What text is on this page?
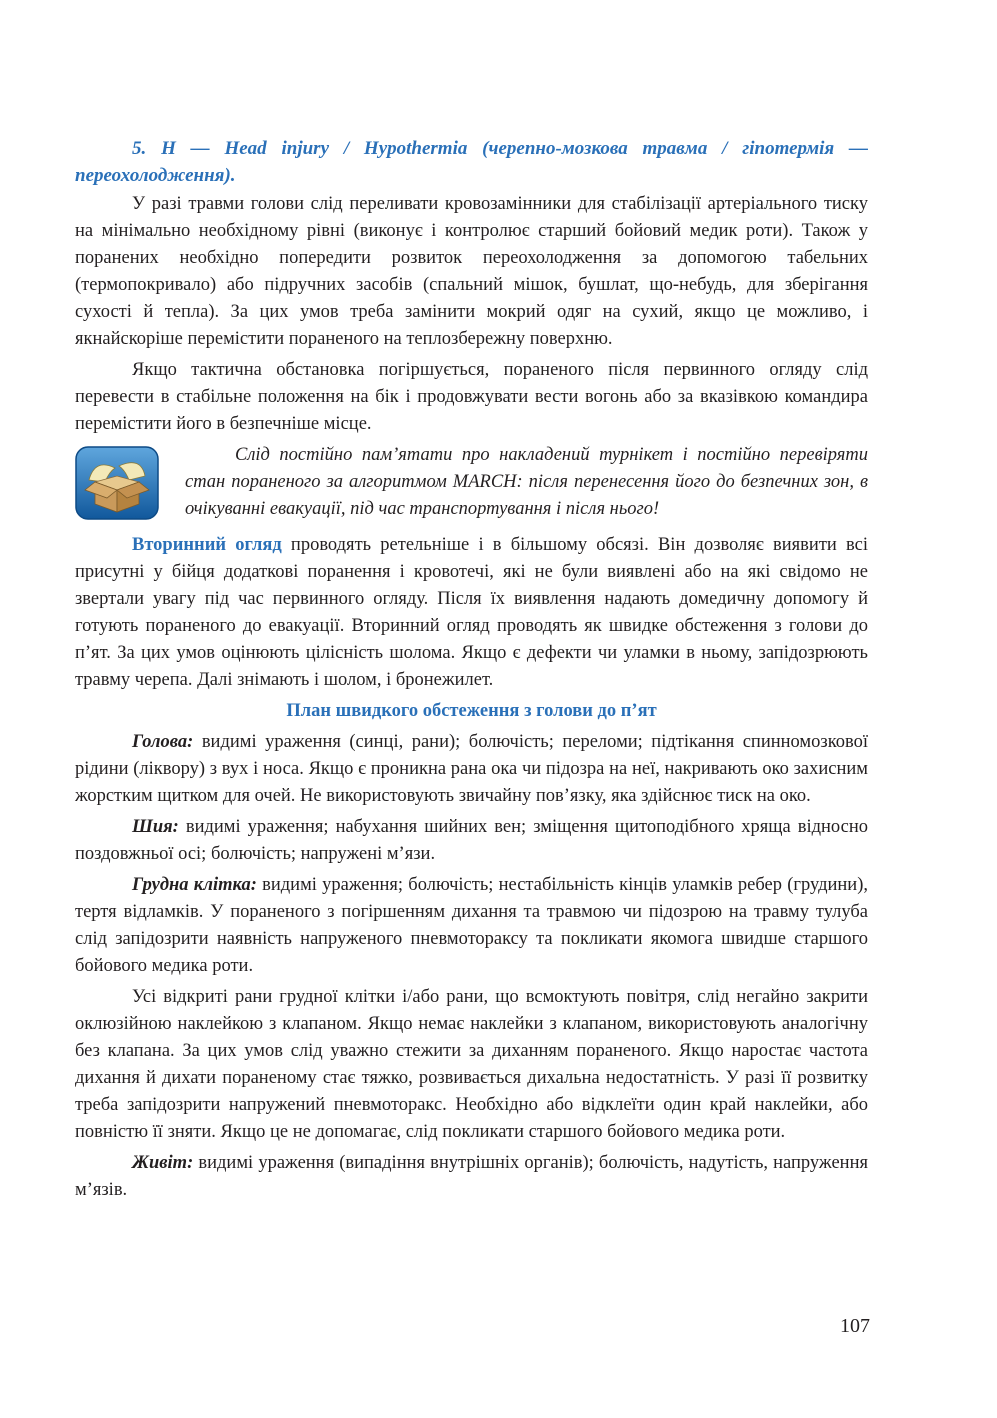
5. H — Head injury / Hypothermia (черепно-мозкова травма / гіпотермія — переохолодження).

У разі травми голови слід переливати кровозамінники для стабілізації артеріального тиску на мінімально необхідному рівні (виконує і контролює старший бойовий медик роти). Також у поранених необхідно попередити розвиток переохолодження за допомогою табельних (термопокривало) або підручних засобів (спальний мішок, бушлат, що-небудь, для зберігання сухості й тепла). За цих умов треба замінити мокрий одяг на сухий, якщо це можливо, і якнайскоріше перемістити пораненого на теплозбережну поверхню.

Якщо тактична обстановка погіршується, пораненого після первинного огляду слід перевести в стабільне положення на бік і продовжувати вести вогонь або за вказівкою командира перемістити його в безпечніше місце.

Слід постійно пам’ятати про накладений турнікет і постійно перевіряти стан пораненого за алгоритмом MARCH: після перенесення його до безпечних зон, в очікуванні евакуації, під час транспортування і після нього!

Вторинний огляд проводять ретельніше і в більшому обсязі. Він дозволяє виявити всі присутні у бійця додаткові поранення і кровотечі, які не були виявлені або на які свідомо не звертали увагу під час первинного огляду. Після їх виявлення надають домедичну допомогу й готують пораненого до евакуації. Вторинний огляд проводять як швидке обстеження з голови до п’ят. За цих умов оцінюють цілісність шолома. Якщо є дефекти чи уламки в ньому, запідозрюють травму черепа. Далі знімають і шолом, і бронежилет.

План швидкого обстеження з голови до п’ят

Голова: видимі ураження (синці, рани); болючість; переломи; підтікання спинномозкової рідини (ліквору) з вух і носа. Якщо є проникна рана ока чи підозра на неї, накривають око захисним жорстким щитком для очей. Не використовують звичайну пов’язку, яка здійснює тиск на око.

Шия: видимі ураження; набухання шийних вен; зміщення щитоподібного хряща відносно поздовжньої осі; болючість; напружені м’язи.

Грудна клітка: видимі ураження; болючість; нестабільність кінців уламків ребер (грудини), тертя відламків. У пораненого з погіршенням дихання та травмою чи підозрою на травму тулуба слід запідозрити наявність напруженого пневмотораксу та покликати якомога швидше старшого бойового медика роти.

Усі відкриті рани грудної клітки і/або рани, що всмоктують повітря, слід негайно закрити оклюзійною наклейкою з клапаном. Якщо немає наклейки з клапаном, використовують аналогічну без клапана. За цих умов слід уважно стежити за диханням пораненого. Якщо наростає частота дихання й дихати пораненому стає тяжко, розвивається дихальна недостатність. У разі її розвитку треба запідозрити напружений пневмоторакс. Необхідно або відклеїти один край наклейки, або повністю її зняти. Якщо це не допомагає, слід покликати старшого бойового медика роти.

Живіт: видимі ураження (випадіння внутрішніх органів); болючість, надутість, напруження м’язів.

107
